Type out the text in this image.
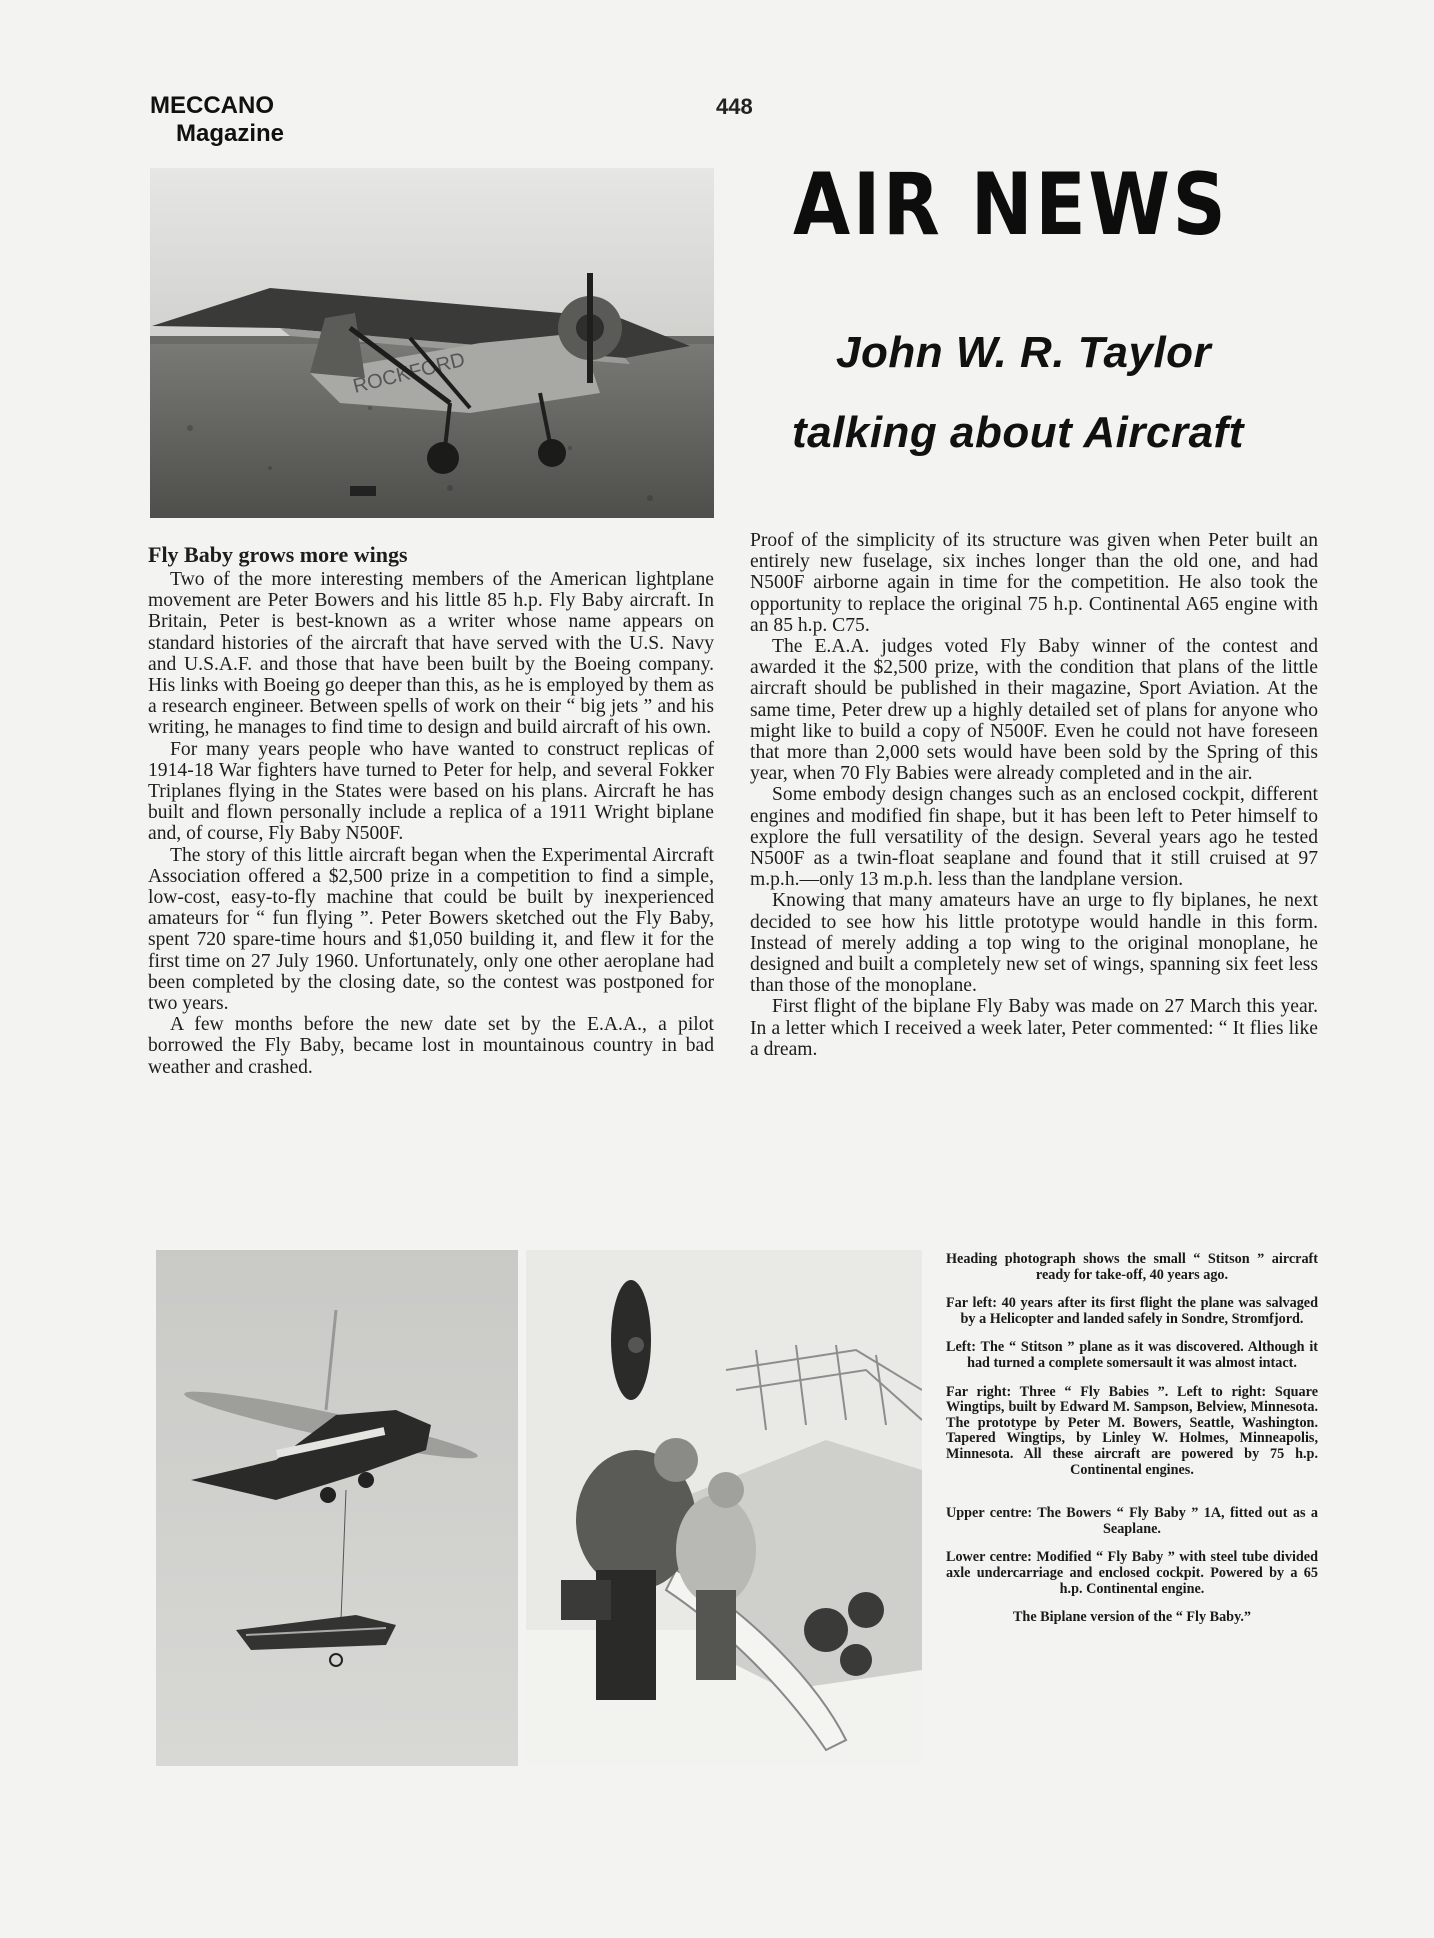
MECCANO
Magazine
448
AIR NEWS
John W. R. Taylor
talking about Aircraft
Fly Baby grows more wings

Two of the more interesting members of the American lightplane movement are Peter Bowers and his little 85 h.p. Fly Baby aircraft. In Britain, Peter is best-known as a writer whose name appears on standard histories of the aircraft that have served with the U.S. Navy and U.S.A.F. and those that have been built by the Boeing company. His links with Boeing go deeper than this, as he is employed by them as a research engineer. Between spells of work on their “ big jets ” and his writing, he manages to find time to design and build aircraft of his own.

For many years people who have wanted to construct replicas of 1914-18 War fighters have turned to Peter for help, and several Fokker Triplanes flying in the States were based on his plans. Aircraft he has built and flown personally include a replica of a 1911 Wright biplane and, of course, Fly Baby N500F.

The story of this little aircraft began when the Experimental Aircraft Association offered a $2,500 prize in a competition to find a simple, low-cost, easy-to-fly machine that could be built by inexperienced amateurs for “ fun flying ”. Peter Bowers sketched out the Fly Baby, spent 720 spare-time hours and $1,050 building it, and flew it for the first time on 27 July 1960. Unfortunately, only one other aeroplane had been completed by the closing date, so the contest was postponed for two years.

A few months before the new date set by the E.A.A., a pilot borrowed the Fly Baby, became lost in mountainous country in bad weather and crashed.

Proof of the simplicity of its structure was given when Peter built an entirely new fuselage, six inches longer than the old one, and had N500F airborne again in time for the competition. He also took the opportunity to replace the original 75 h.p. Continental A65 engine with an 85 h.p. C75.

The E.A.A. judges voted Fly Baby winner of the contest and awarded it the $2,500 prize, with the condition that plans of the little aircraft should be published in their magazine, Sport Aviation. At the same time, Peter drew up a highly detailed set of plans for anyone who might like to build a copy of N500F. Even he could not have foreseen that more than 2,000 sets would have been sold by the Spring of this year, when 70 Fly Babies were already completed and in the air.

Some embody design changes such as an enclosed cockpit, different engines and modified fin shape, but it has been left to Peter himself to explore the full versatility of the design. Several years ago he tested N500F as a twin-float seaplane and found that it still cruised at 97 m.p.h.—only 13 m.p.h. less than the landplane version.

Knowing that many amateurs have an urge to fly biplanes, he next decided to see how his little prototype would handle in this form. Instead of merely adding a top wing to the original monoplane, he designed and built a completely new set of wings, spanning six feet less than those of the monoplane.

First flight of the biplane Fly Baby was made on 27 March this year. In a letter which I received a week later, Peter commented: “ It flies like a dream.

Heading photograph shows the small “ Stitson ” aircraft ready for take-off, 40 years ago.

Far left: 40 years after its first flight the plane was salvaged by a Helicopter and landed safely in Sondre, Stromfjord.

Left: The “ Stitson ” plane as it was discovered. Although it had turned a complete somersault it was almost intact.

Far right: Three “ Fly Babies ”. Left to right: Square Wingtips, built by Edward M. Sampson, Belview, Minnesota. The prototype by Peter M. Bowers, Seattle, Washington. Tapered Wingtips, by Linley W. Holmes, Minneapolis, Minnesota. All these aircraft are powered by 75 h.p. Continental engines.

Upper centre: The Bowers “ Fly Baby ” 1A, fitted out as a Seaplane.

Lower centre: Modified “ Fly Baby ” with steel tube divided axle undercarriage and enclosed cockpit. Powered by a 65 h.p. Continental engine.

The Biplane version of the “ Fly Baby.”
